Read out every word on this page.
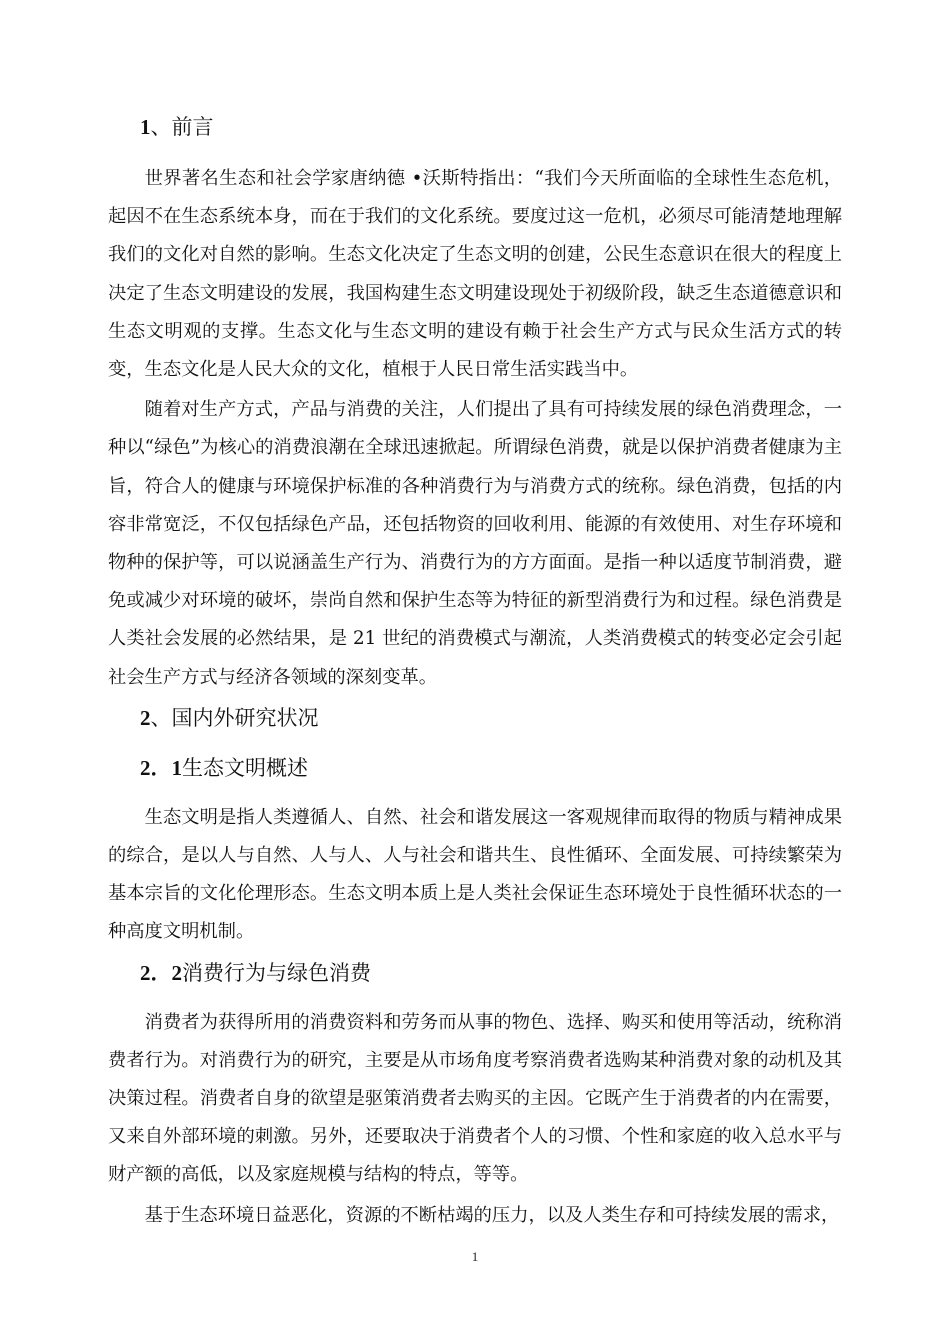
1、前言

世界著名生态和社会学家唐纳德 •沃斯特指出：“我们今天所面临的全球性生态危机，起因不在生态系统本身，而在于我们的文化系统。要度过这一危机，必须尽可能清楚地理解我们的文化对自然的影响。生态文化决定了生态文明的创建，公民生态意识在很大的程度上决定了生态文明建设的发展，我国构建生态文明建设现处于初级阶段，缺乏生态道德意识和生态文明观的支撑。生态文化与生态文明的建设有赖于社会生产方式与民众生活方式的转变，生态文化是人民大众的文化，植根于人民日常生活实践当中。

随着对生产方式，产品与消费的关注，人们提出了具有可持续发展的绿色消费理念，一种以“绿色”为核心的消费浪潮在全球迅速掀起。所谓绿色消费，就是以保护消费者健康为主旨，符合人的健康与环境保护标准的各种消费行为与消费方式的统称。绿色消费，包括的内容非常宽泛，不仅包括绿色产品，还包括物资的回收利用、能源的有效使用、对生存环境和物种的保护等，可以说涵盖生产行为、消费行为的方方面面。是指一种以适度节制消费，避免或减少对环境的破坏，崇尚自然和保护生态等为特征的新型消费行为和过程。绿色消费是人类社会发展的必然结果，是 21 世纪的消费模式与潮流，人类消费模式的转变必定会引起社会生产方式与经济各领域的深刻变革。

2、国内外研究状况
2．1生态文明概述

生态文明是指人类遵循人、自然、社会和谐发展这一客观规律而取得的物质与精神成果的综合，是以人与自然、人与人、人与社会和谐共生、良性循环、全面发展、可持续繁荣为基本宗旨的文化伦理形态。生态文明本质上是人类社会保证生态环境处于良性循环状态的一种高度文明机制。

2．2消费行为与绿色消费

消费者为获得所用的消费资料和劳务而从事的物色、选择、购买和使用等活动，统称消费者行为。对消费行为的研究，主要是从市场角度考察消费者选购某种消费对象的动机及其决策过程。消费者自身的欲望是驱策消费者去购买的主因。它既产生于消费者的内在需要，又来自外部环境的刺激。另外，还要取决于消费者个人的习惯、个性和家庭的收入总水平与财产额的高低，以及家庭规模与结构的特点，等等。

基于生态环境日益恶化，资源的不断枯竭的压力，以及人类生存和可持续发展的需求，

1
